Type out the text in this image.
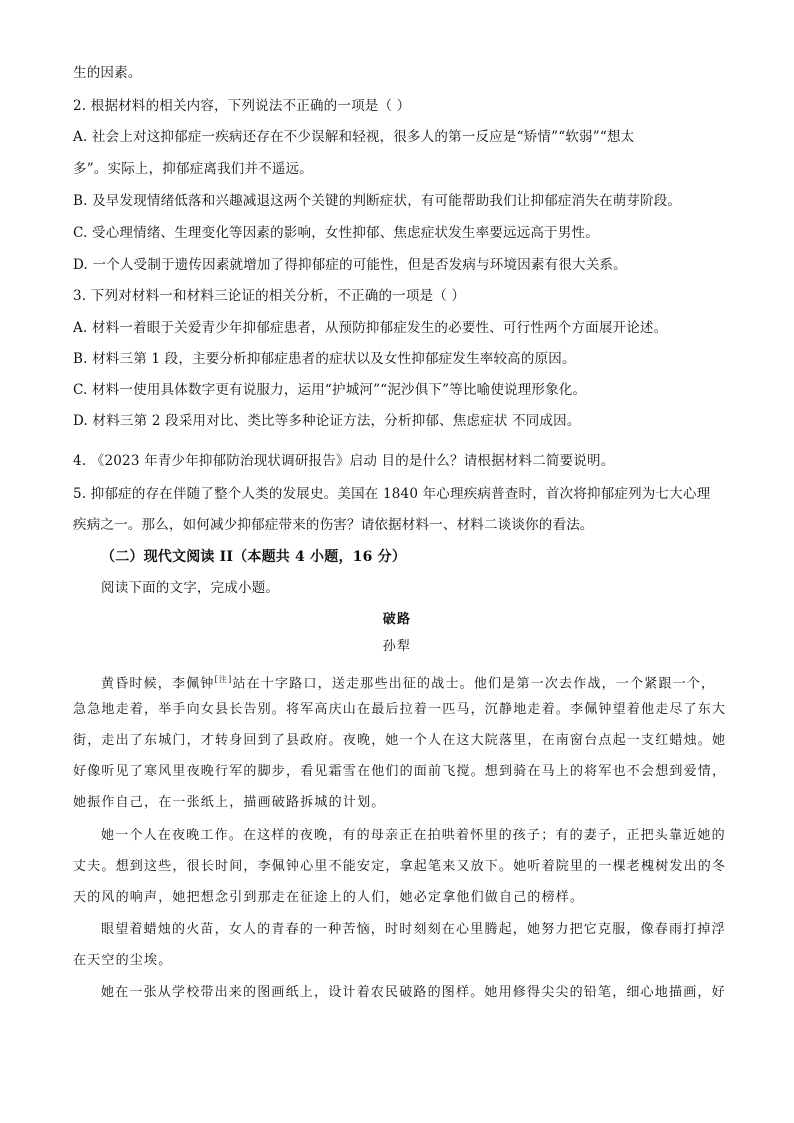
生的因素。
2. 根据材料的相关内容，下列说法不正确的一项是（ ）
A. 社会上对这抑郁症一疾病还存在不少误解和轻视，很多人的第一反应是“矫情”“软弱”“想太
多”。实际上，抑郁症离我们并不遥远。
B. 及早发现情绪低落和兴趣减退这两个关键的判断症状，有可能帮助我们让抑郁症消失在萌芽阶段。
C. 受心理情绪、生理变化等因素的影响，女性抑郁、焦虑症状发生率要远远高于男性。
D. 一个人受制于遗传因素就增加了得抑郁症的可能性，但是否发病与环境因素有很大关系。
3. 下列对材料一和材料三论证的相关分析，不正确的一项是（ ）
A. 材料一着眼于关爱青少年抑郁症患者，从预防抑郁症发生的必要性、可行性两个方面展开论述。
B. 材料三第 1 段，主要分析抑郁症患者的症状以及女性抑郁症发生率较高的原因。
C. 材料一使用具体数字更有说服力，运用“护城河”“泥沙俱下”等比喻使说理形象化。
D. 材料三第 2 段采用对比、类比等多种论证方法，分析抑郁、焦虑症状 不同成因。
4. 《2023 年青少年抑郁防治现状调研报告》启动 目的是什么？请根据材料二简要说明。
5. 抑郁症的存在伴随了整个人类的发展史。美国在 1840 年心理疾病普查时，首次将抑郁症列为七大心理
疾病之一。那么，如何减少抑郁症带来的伤害？请依据材料一、材料二谈谈你的看法。
（二）现代文阅读 II（本题共 4 小题，16 分）
阅读下面的文字，完成小题。
破路
孙犁
黄昏时候，李佩钟[注]站在十字路口，送走那些出征的战士。他们是第一次去作战，一个紧跟一个，
急急地走着，举手向女县长告别。将军高庆山在最后拉着一匹马，沉静地走着。李佩钟望着他走尽了东大
街，走出了东城门，才转身回到了县政府。夜晚，她一个人在这大院落里，在南窗台点起一支红蜡烛。她
好像听见了寒风里夜晚行军的脚步，看见霜雪在他们的面前飞搅。想到骑在马上的将军也不会想到爱情，
她振作自己，在一张纸上，描画破路拆城的计划。
她一个人在夜晚工作。在这样的夜晚，有的母亲正在拍哄着怀里的孩子；有的妻子，正把头靠近她的
丈夫。想到这些，很长时间，李佩钟心里不能安定，拿起笔来又放下。她听着院里的一棵老槐树发出的冬
天的风的响声，她把想念引到那走在征途上的人们，她必定拿他们做自己的榜样。
眼望着蜡烛的火苗，女人的青春的一种苦恼，时时刻刻在心里腾起，她努力把它克服，像春雨打掉浮
在天空的尘埃。
她在一张从学校带出来的图画纸上，设计着农民破路的图样。她用修得尖尖的铅笔，细心地描画，好
